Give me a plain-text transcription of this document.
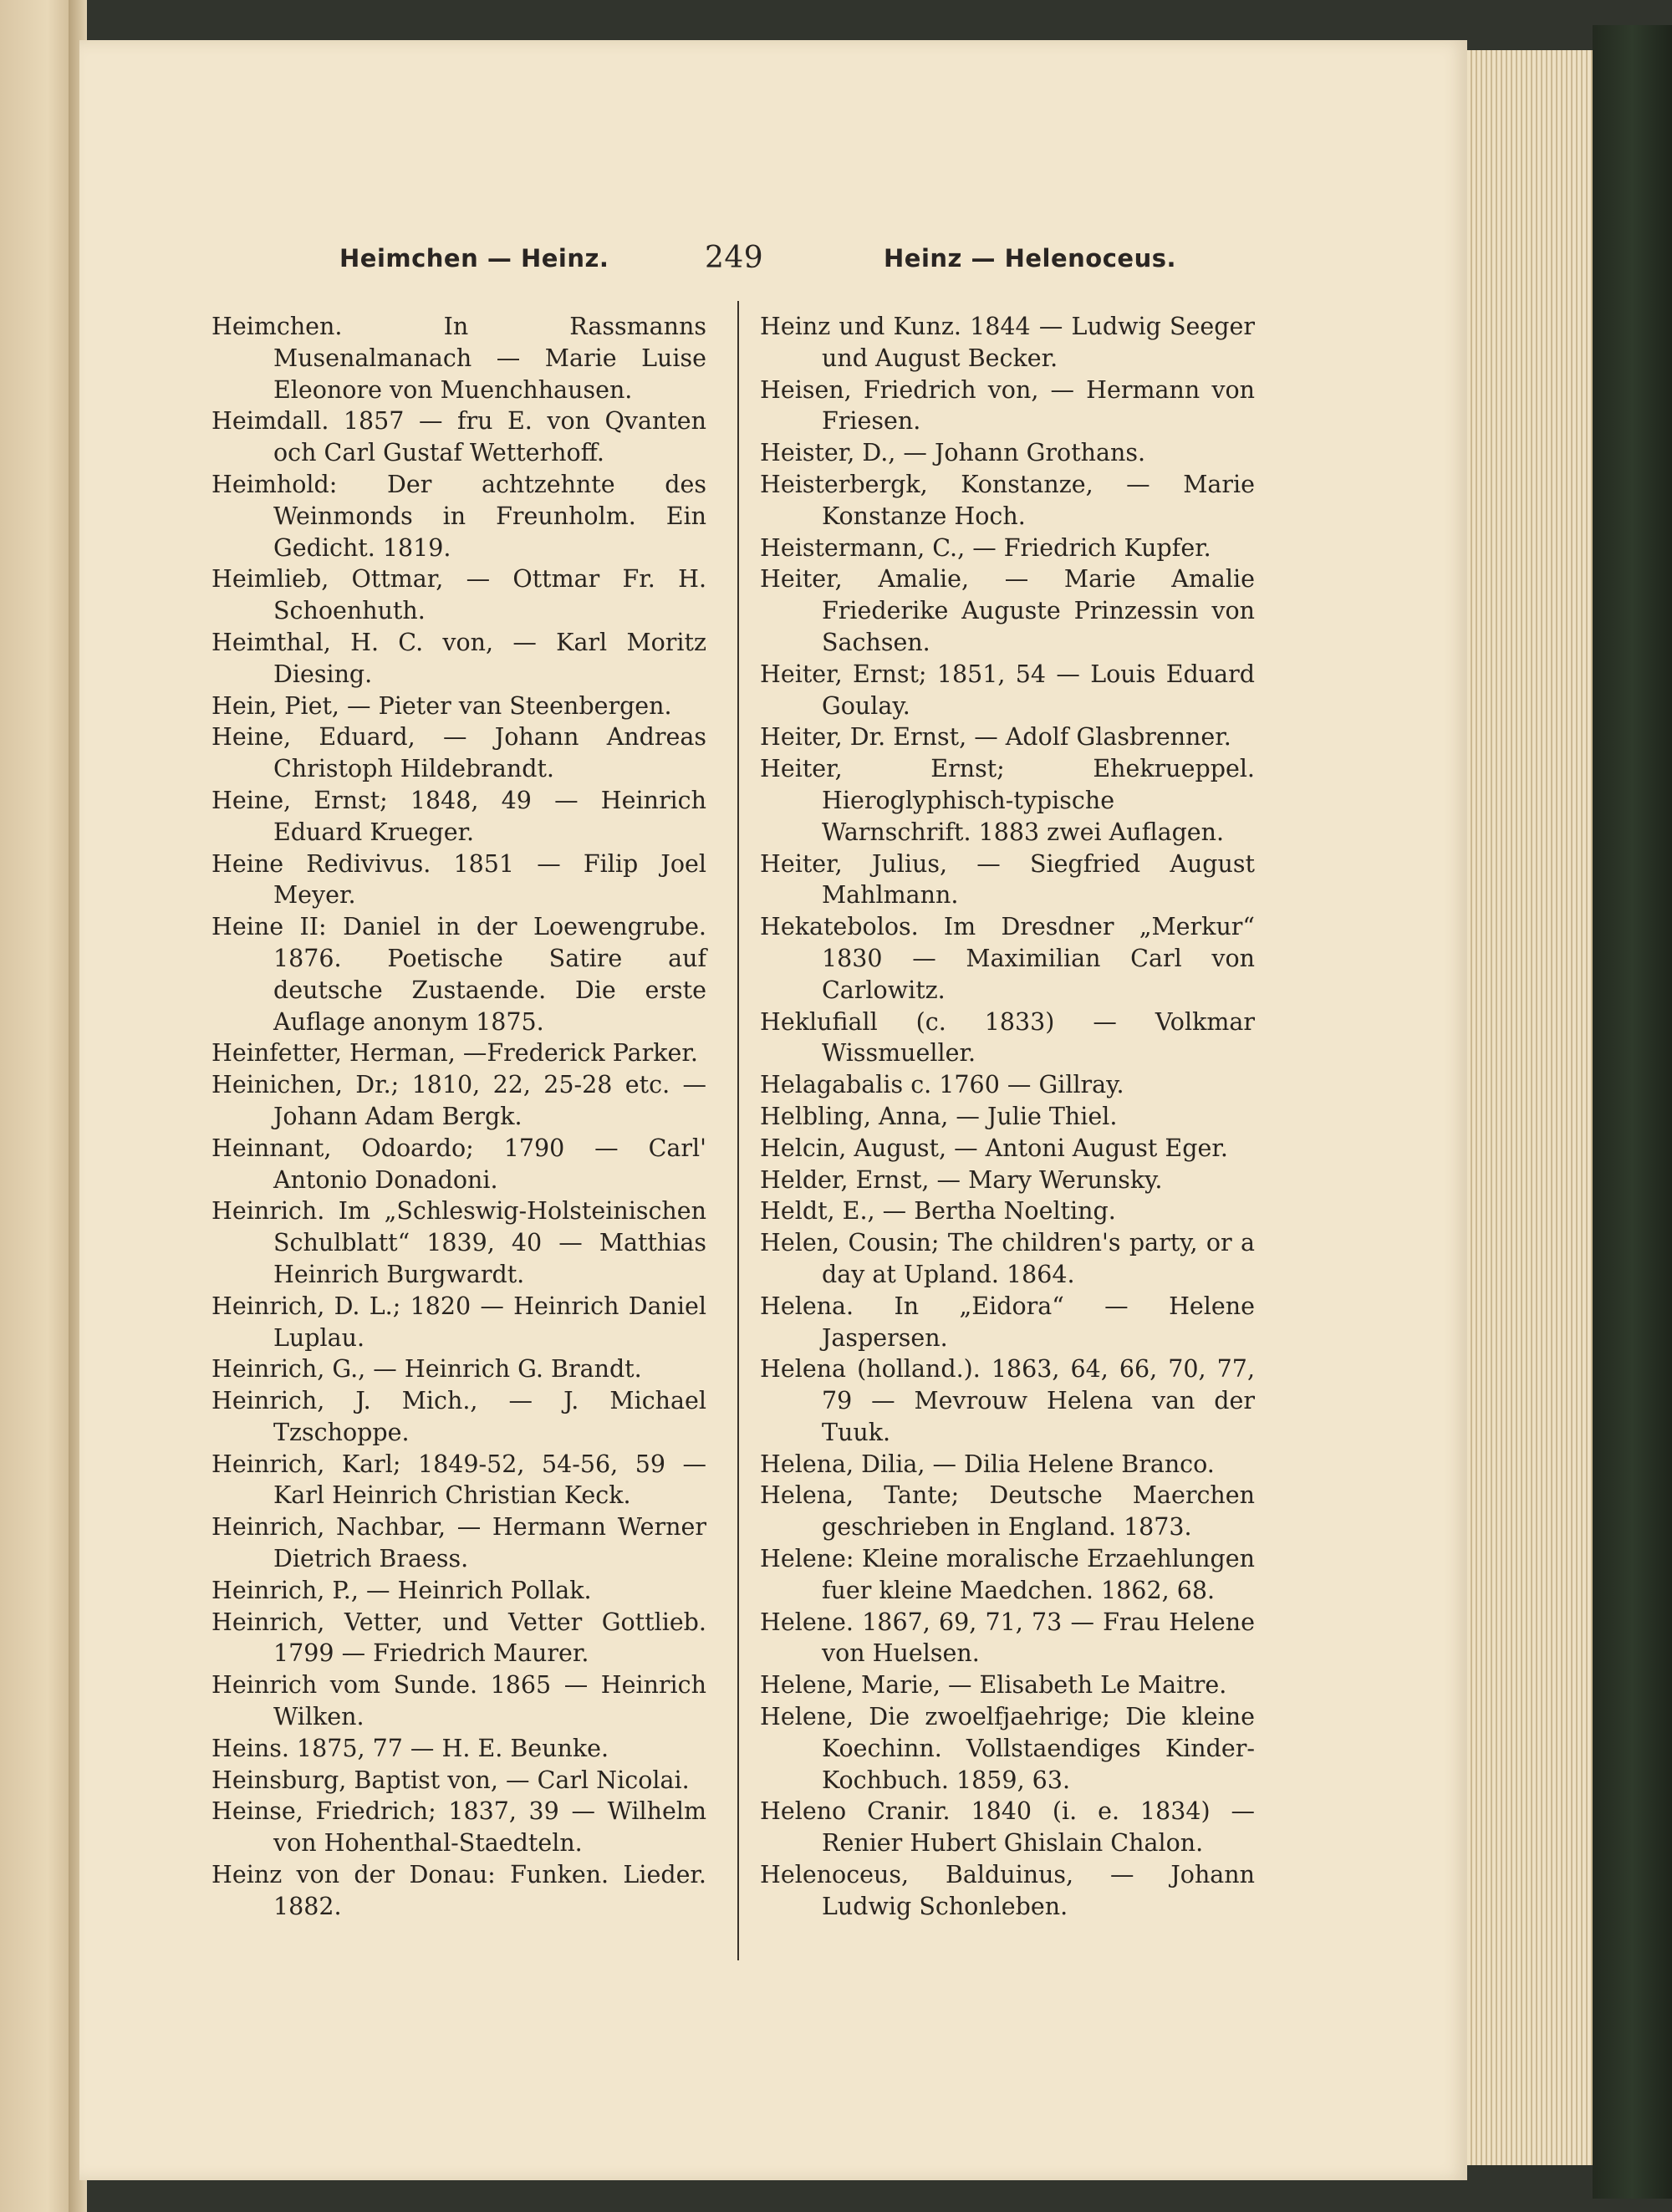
Heimchen — Heinz.	249	Heinz — Helenoceus.

Heimchen. In Rassmanns Musenalmanach — Marie Luise Eleonore von Muenchhausen.

Heimdall. 1857 — fru E. von Qvanten och Carl Gustaf Wetterhoff.

Heimhold: Der achtzehnte des Weinmonds in Freunholm. Ein Gedicht. 1819.

Heimlieb, Ottmar, — Ottmar Fr. H. Schoenhuth.

Heimthal, H. C. von, — Karl Moritz Diesing.

Hein, Piet, — Pieter van Steenbergen.

Heine, Eduard, — Johann Andreas Christoph Hildebrandt.

Heine, Ernst; 1848, 49 — Heinrich Eduard Krueger.

Heine Redivivus. 1851 — Filip Joel Meyer.

Heine II: Daniel in der Loewengrube. 1876. Poetische Satire auf deutsche Zustaende. Die erste Auflage anonym 1875.

Heinfetter, Herman, —Frederick Parker.

Heinichen, Dr.; 1810, 22, 25-28 etc. — Johann Adam Bergk.

Heinnant, Odoardo; 1790 — Carl' Antonio Donadoni.

Heinrich. Im „Schleswig-Holsteinischen Schulblatt“ 1839, 40 — Matthias Heinrich Burgwardt.

Heinrich, D. L.; 1820 — Heinrich Daniel Luplau.

Heinrich, G., — Heinrich G. Brandt.

Heinrich, J. Mich., — J. Michael Tzschoppe.

Heinrich, Karl; 1849-52, 54-56, 59 — Karl Heinrich Christian Keck.

Heinrich, Nachbar, — Hermann Werner Dietrich Braess.

Heinrich, P., — Heinrich Pollak.

Heinrich, Vetter, und Vetter Gottlieb. 1799 — Friedrich Maurer.

Heinrich vom Sunde. 1865 — Heinrich Wilken.

Heins. 1875, 77 — H. E. Beunke.

Heinsburg, Baptist von, — Carl Nicolai.

Heinse, Friedrich; 1837, 39 — Wilhelm von Hohenthal-Staedteln.

Heinz von der Donau: Funken. Lieder. 1882.

Heinz und Kunz. 1844 — Ludwig Seeger und August Becker.

Heisen, Friedrich von, — Hermann von Friesen.

Heister, D., — Johann Grothans.

Heisterbergk, Konstanze, — Marie Konstanze Hoch.

Heistermann, C., — Friedrich Kupfer.

Heiter, Amalie, — Marie Amalie Friederike Auguste Prinzessin von Sachsen.

Heiter, Ernst; 1851, 54 — Louis Eduard Goulay.

Heiter, Dr. Ernst, — Adolf Glasbrenner.

Heiter, Ernst; Ehekrueppel. Hieroglyphisch-typische Warnschrift. 1883 zwei Auflagen.

Heiter, Julius, — Siegfried August Mahlmann.

Hekatebolos. Im Dresdner „Merkur“ 1830 — Maximilian Carl von Carlowitz.

Heklufiall (c. 1833) — Volkmar Wissmueller.

Helagabalis c. 1760 — Gillray.

Helbling, Anna, — Julie Thiel.

Helcin, August, — Antoni August Eger.

Helder, Ernst, — Mary Werunsky.

Heldt, E., — Bertha Noelting.

Helen, Cousin; The children's party, or a day at Upland. 1864.

Helena. In „Eidora“ — Helene Jaspersen.

Helena (holland.). 1863, 64, 66, 70, 77, 79 — Mevrouw Helena van der Tuuk.

Helena, Dilia, — Dilia Helene Branco.

Helena, Tante; Deutsche Maerchen geschrieben in England. 1873.

Helene: Kleine moralische Erzaehlungen fuer kleine Maedchen. 1862, 68.

Helene. 1867, 69, 71, 73 — Frau Helene von Huelsen.

Helene, Marie, — Elisabeth Le Maitre.

Helene, Die zwoelfjaehrige; Die kleine Koechinn. Vollstaendiges Kinder-Kochbuch. 1859, 63.

Heleno Cranir. 1840 (i. e. 1834) — Renier Hubert Ghislain Chalon.

Helenoceus, Balduinus, — Johann Ludwig Schonleben.
